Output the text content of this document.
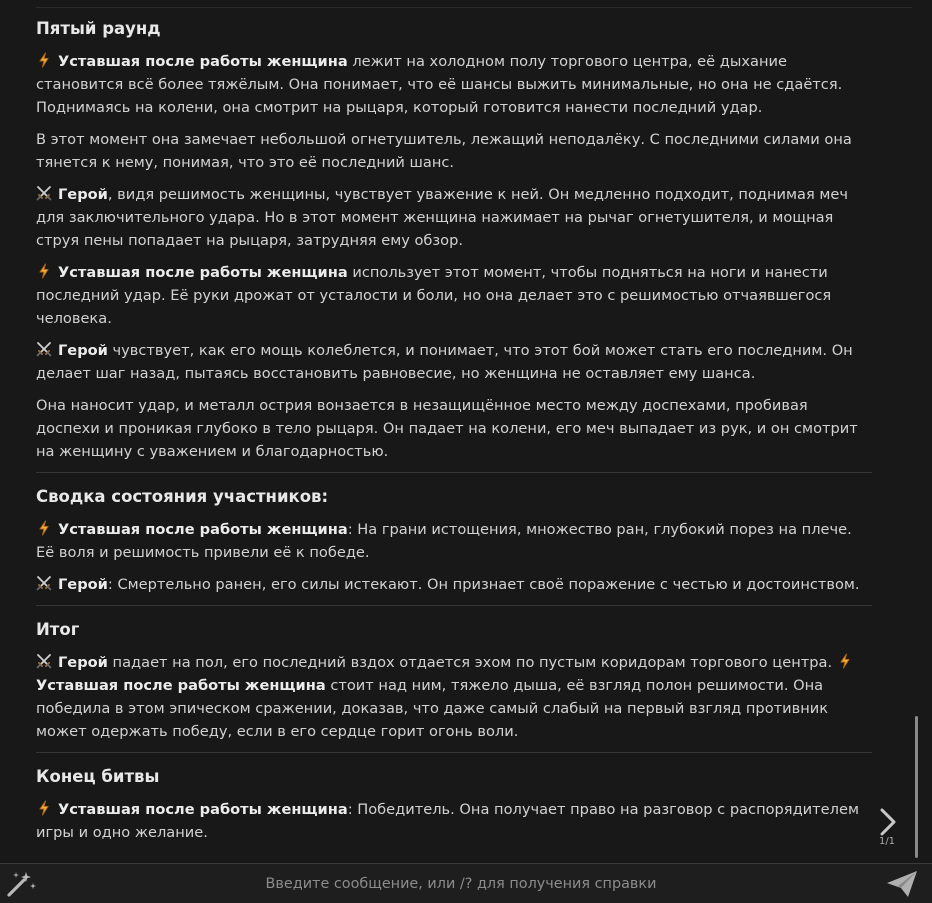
Пятый раунд

Уставшая после работы женщина лежит на холодном полу торгового центра, её дыхание становится всё более тяжёлым. Она понимает, что её шансы выжить минимальные, но она не сдаётся. Поднимаясь на колени, она смотрит на рыцаря, который готовится нанести последний удар.

В этот момент она замечает небольшой огнетушитель, лежащий неподалёку. С последними силами она тянется к нему, понимая, что это её последний шанс.

Герой, видя решимость женщины, чувствует уважение к ней. Он медленно подходит, поднимая меч для заключительного удара. Но в этот момент женщина нажимает на рычаг огнетушителя, и мощная струя пены попадает на рыцаря, затрудняя ему обзор.

Уставшая после работы женщина использует этот момент, чтобы подняться на ноги и нанести последний удар. Её руки дрожат от усталости и боли, но она делает это с решимостью отчаявшегося человека.

Герой чувствует, как его мощь колеблется, и понимает, что этот бой может стать его последним. Он делает шаг назад, пытаясь восстановить равновесие, но женщина не оставляет ему шанса.

Она наносит удар, и металл острия вонзается в незащищённое место между доспехами, пробивая доспехи и проникая глубоко в тело рыцаря. Он падает на колени, его меч выпадает из рук, и он смотрит на женщину с уважением и благодарностью.

Сводка состояния участников:

Уставшая после работы женщина: На грани истощения, множество ран, глубокий порез на плече. Её воля и решимость привели её к победе.

Герой: Смертельно ранен, его силы истекают. Он признает своё поражение с честью и достоинством.

Итог

Герой падает на пол, его последний вздох отдается эхом по пустым коридорам торгового центра.
Уставшая после работы женщина стоит над ним, тяжело дыша, её взгляд полон решимости. Она победила в этом эпическом сражении, доказав, что даже самый слабый на первый взгляд противник может одержать победу, если в его сердце горит огонь воли.

Конец битвы

Уставшая после работы женщина: Победитель. Она получает право на разговор с распорядителем игры и одно желание.

1/1
Введите сообщение, или /? для получения справки
